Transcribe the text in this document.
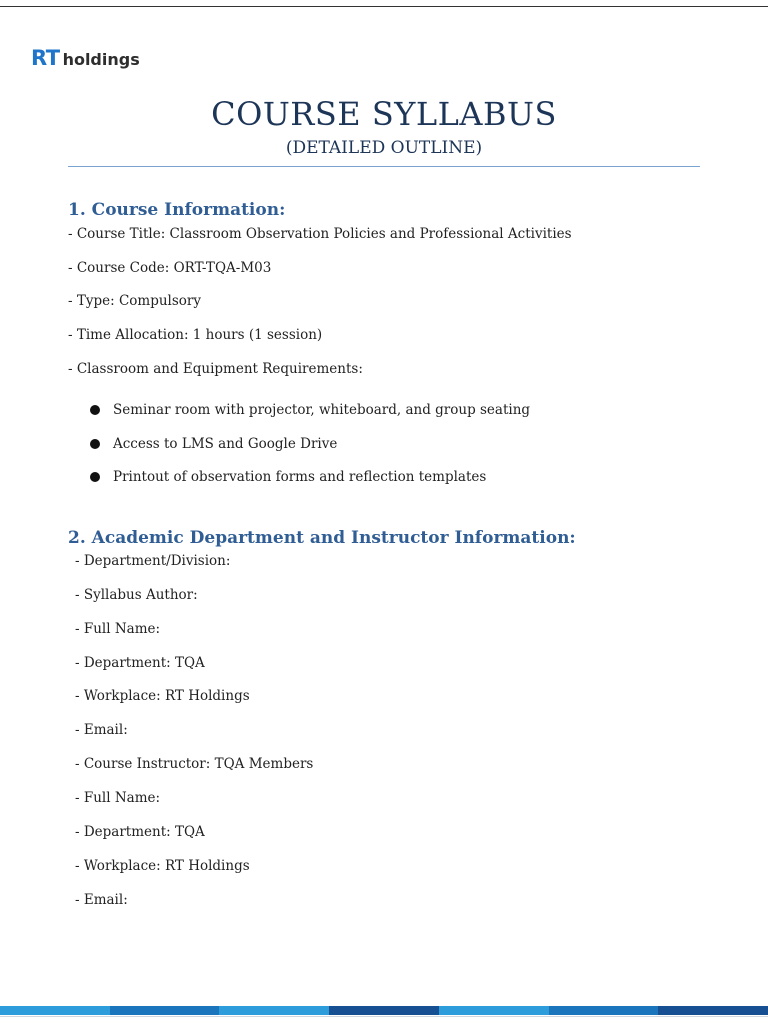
RT holdings
COURSE SYLLABUS
(DETAILED OUTLINE)
1. Course Information:
- Course Title: Classroom Observation Policies and Professional Activities
- Course Code: ORT-TQA-M03
- Type: Compulsory
- Time Allocation: 1 hours (1 session)
- Classroom and Equipment Requirements:
Seminar room with projector, whiteboard, and group seating
Access to LMS and Google Drive
Printout of observation forms and reflection templates
2. Academic Department and Instructor Information:
- Department/Division:
- Syllabus Author:
- Full Name:
- Department: TQA
- Workplace: RT Holdings
- Email:
- Course Instructor: TQA Members
- Full Name:
- Department: TQA
- Workplace: RT Holdings
- Email:
